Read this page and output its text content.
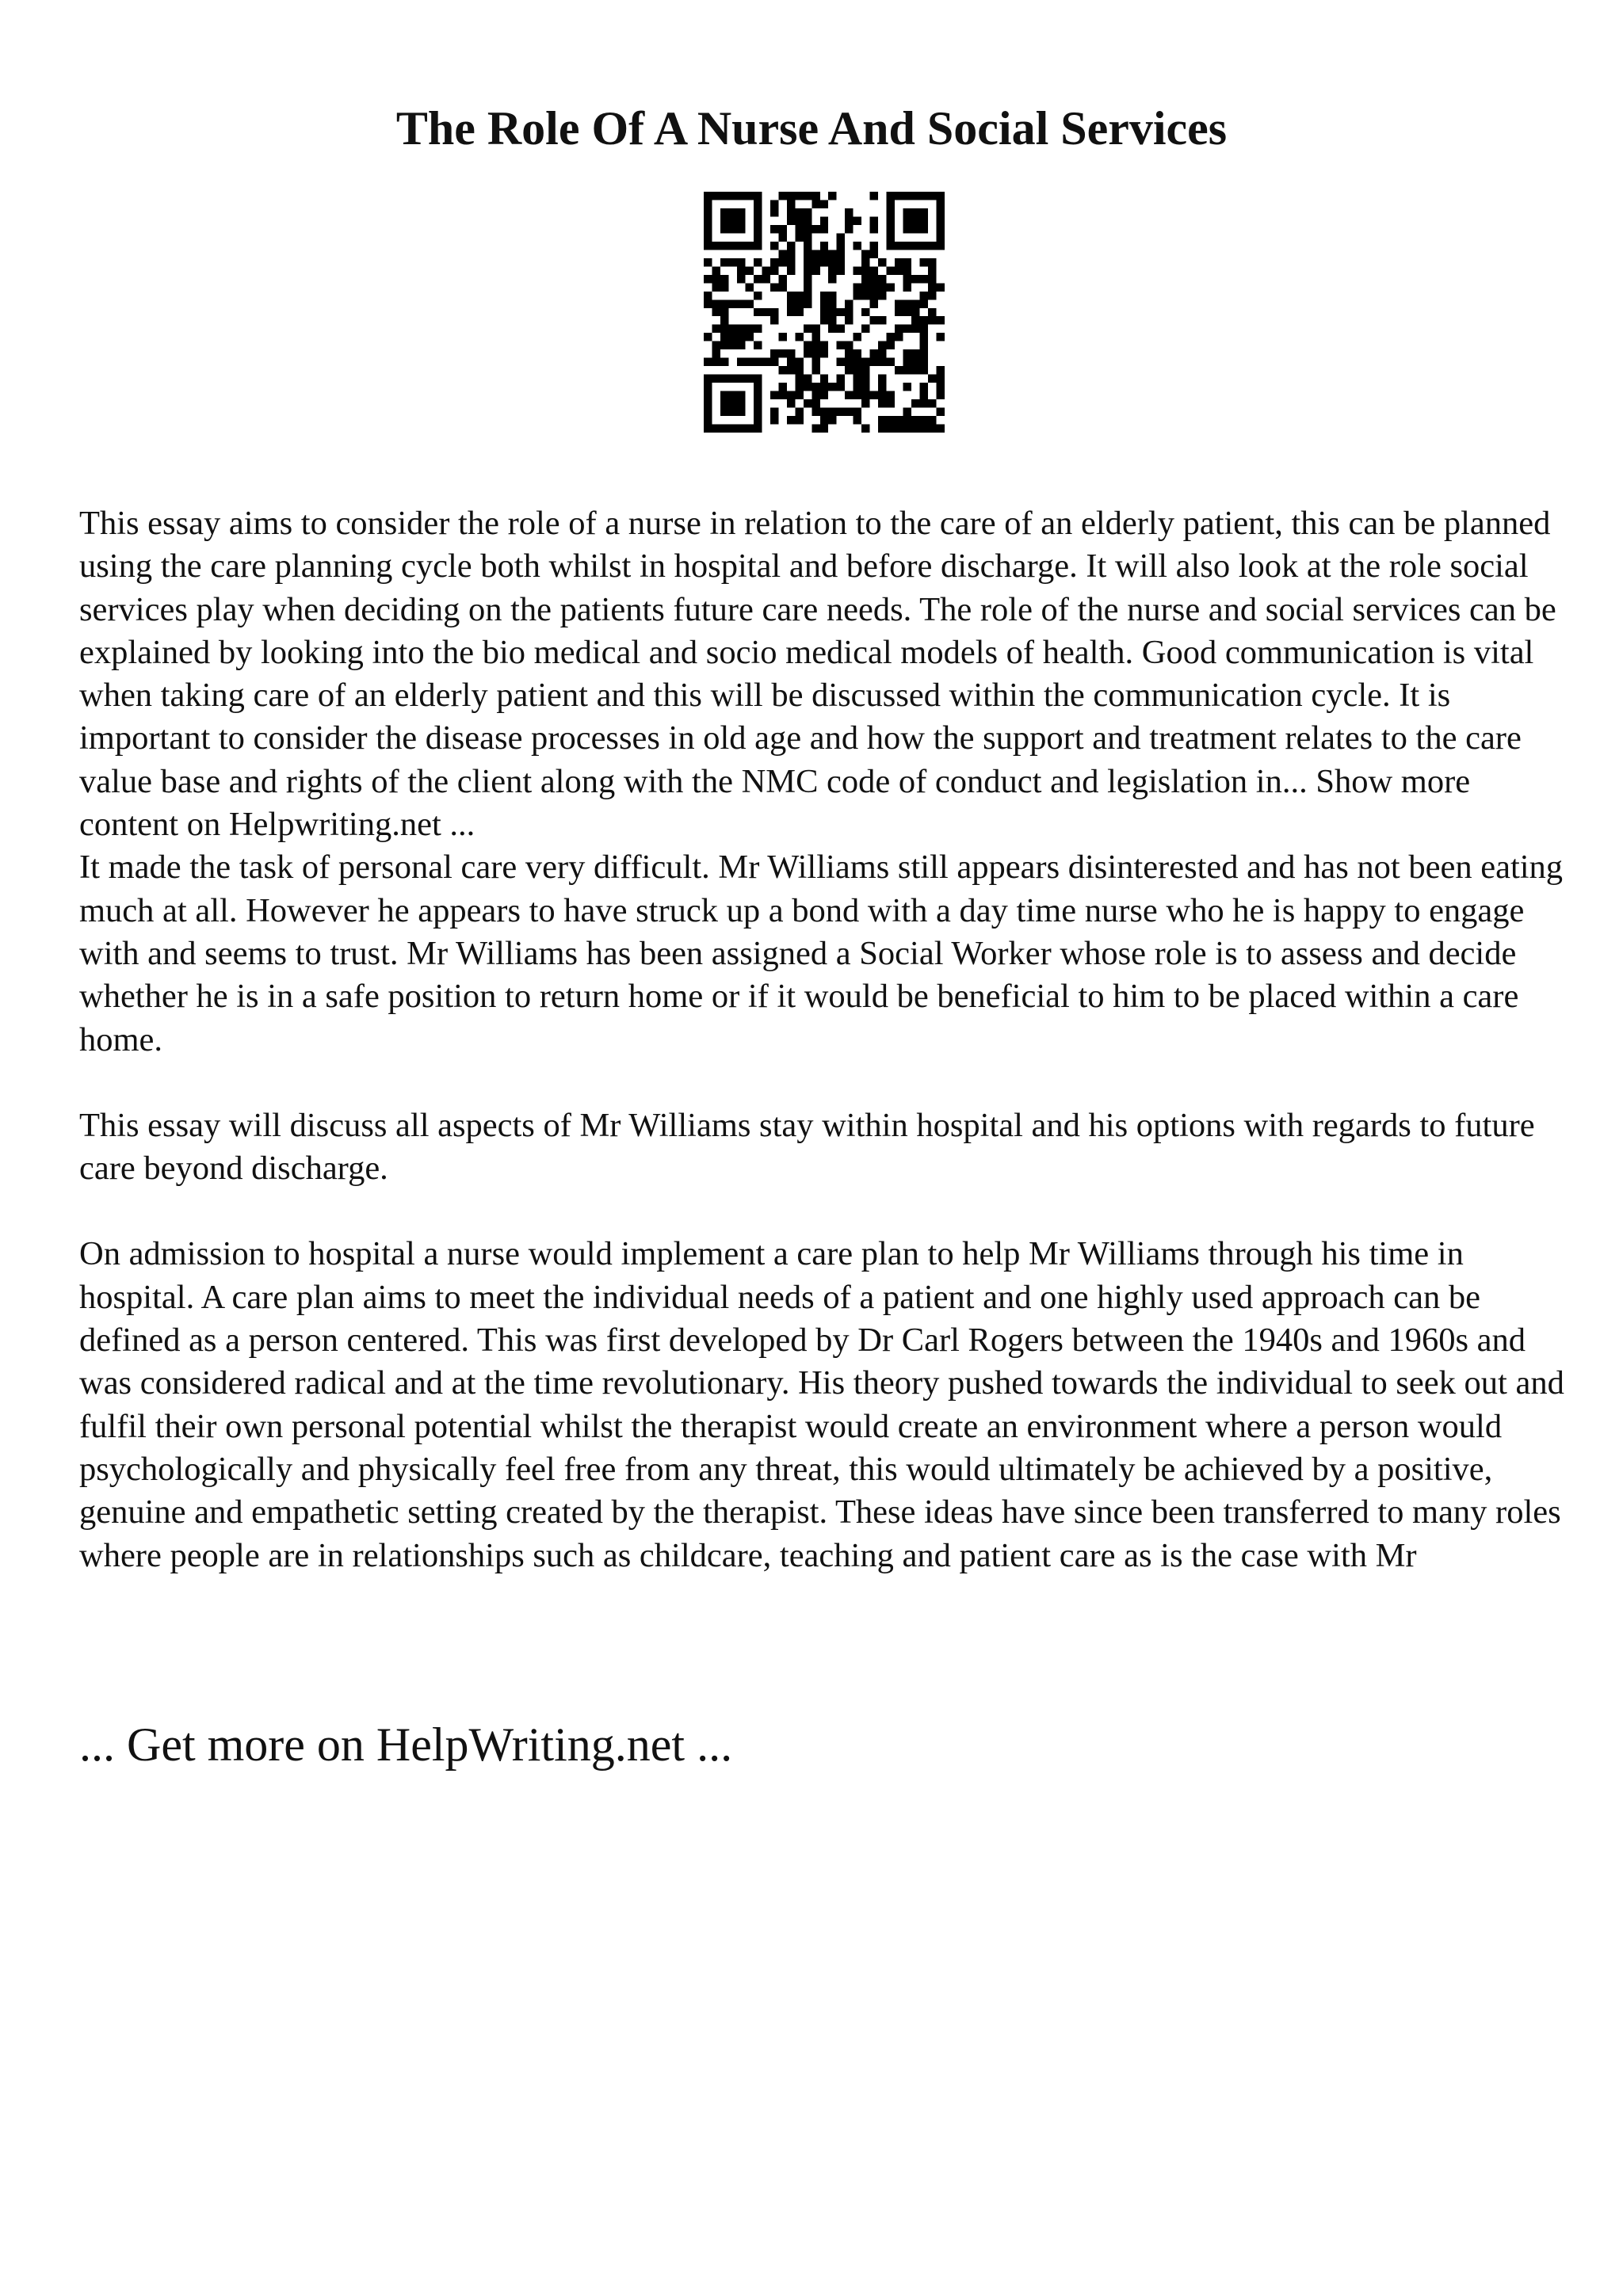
The Role Of A Nurse And Social Services

This essay aims to consider the role of a nurse in relation to the care of an elderly patient, this can be planned using the care planning cycle both whilst in hospital and before discharge. It will also look at the role social services play when deciding on the patients future care needs. The role of the nurse and social services can be explained by looking into the bio medical and socio medical models of health. Good communication is vital when taking care of an elderly patient and this will be discussed within the communication cycle. It is important to consider the disease processes in old age and how the support and treatment relates to the care value base and rights of the client along with the NMC code of conduct and legislation in... Show more content on Helpwriting.net ...

It made the task of personal care very difficult. Mr Williams still appears disinterested and has not been eating much at all. However he appears to have struck up a bond with a day time nurse who he is happy to engage with and seems to trust. Mr Williams has been assigned a Social Worker whose role is to assess and decide whether he is in a safe position to return home or if it would be beneficial to him to be placed within a care home.

This essay will discuss all aspects of Mr Williams stay within hospital and his options with regards to future care beyond discharge.

On admission to hospital a nurse would implement a care plan to help Mr Williams through his time in hospital. A care plan aims to meet the individual needs of a patient and one highly used approach can be defined as a person centered. This was first developed by Dr Carl Rogers between the 1940s and 1960s and was considered radical and at the time revolutionary. His theory pushed towards the individual to seek out and fulfil their own personal potential whilst the therapist would create an environment where a person would psychologically and physically feel free from any threat, this would ultimately be achieved by a positive, genuine and empathetic setting created by the therapist. These ideas have since been transferred to many roles where people are in relationships such as childcare, teaching and patient care as is the case with Mr

... Get more on HelpWriting.net ...
